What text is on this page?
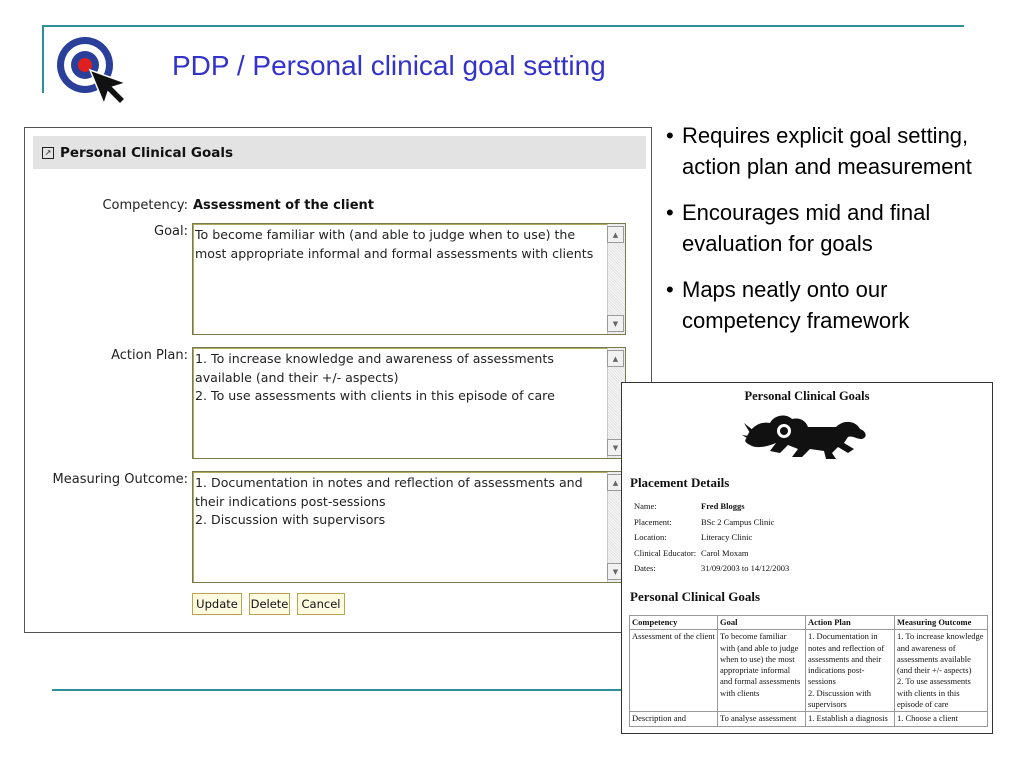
PDP / Personal clinical goal setting
↗ Personal Clinical Goals
Competency: Assessment of the client
Goal: To become familiar with (and able to judge when to use) the most appropriate informal and formal assessments with clients
▲
▼
Action Plan: 1. To increase knowledge and awareness of assessments available (and their +/- aspects)
2. To use assessments with clients in this episode of care
▲
▼
Measuring Outcome: 1. Documentation in notes and reflection of assessments and their indications post-sessions
2. Discussion with supervisors
▲
▼
Update	Delete	Cancel
• Requires explicit goal setting, action plan and measurement
• Encourages mid and final evaluation for goals
• Maps neatly onto our competency framework
Personal Clinical Goals
Placement Details
Name:	Fred Bloggs
Placement:	BSc 2 Campus Clinic
Location:	Literacy Clinic
Clinical Educator: Carol Moxam
Dates:	31/09/2003 to 14/12/2003
Personal Clinical Goals
Competency	Goal	Action Plan	Measuring Outcome
Assessment of the client	To become familiar with (and able to judge when to use) the most appropriate informal and formal assessments with clients	1. Documentation in notes and reflection of assessments and their indications post-sessions
2. Discussion with supervisors	1. To increase knowledge and awareness of assessments available (and their +/- aspects)
2. To use assessments with clients in this episode of care
Description and	To analyse assessment	1. Establish a diagnosis	1. Choose a client
